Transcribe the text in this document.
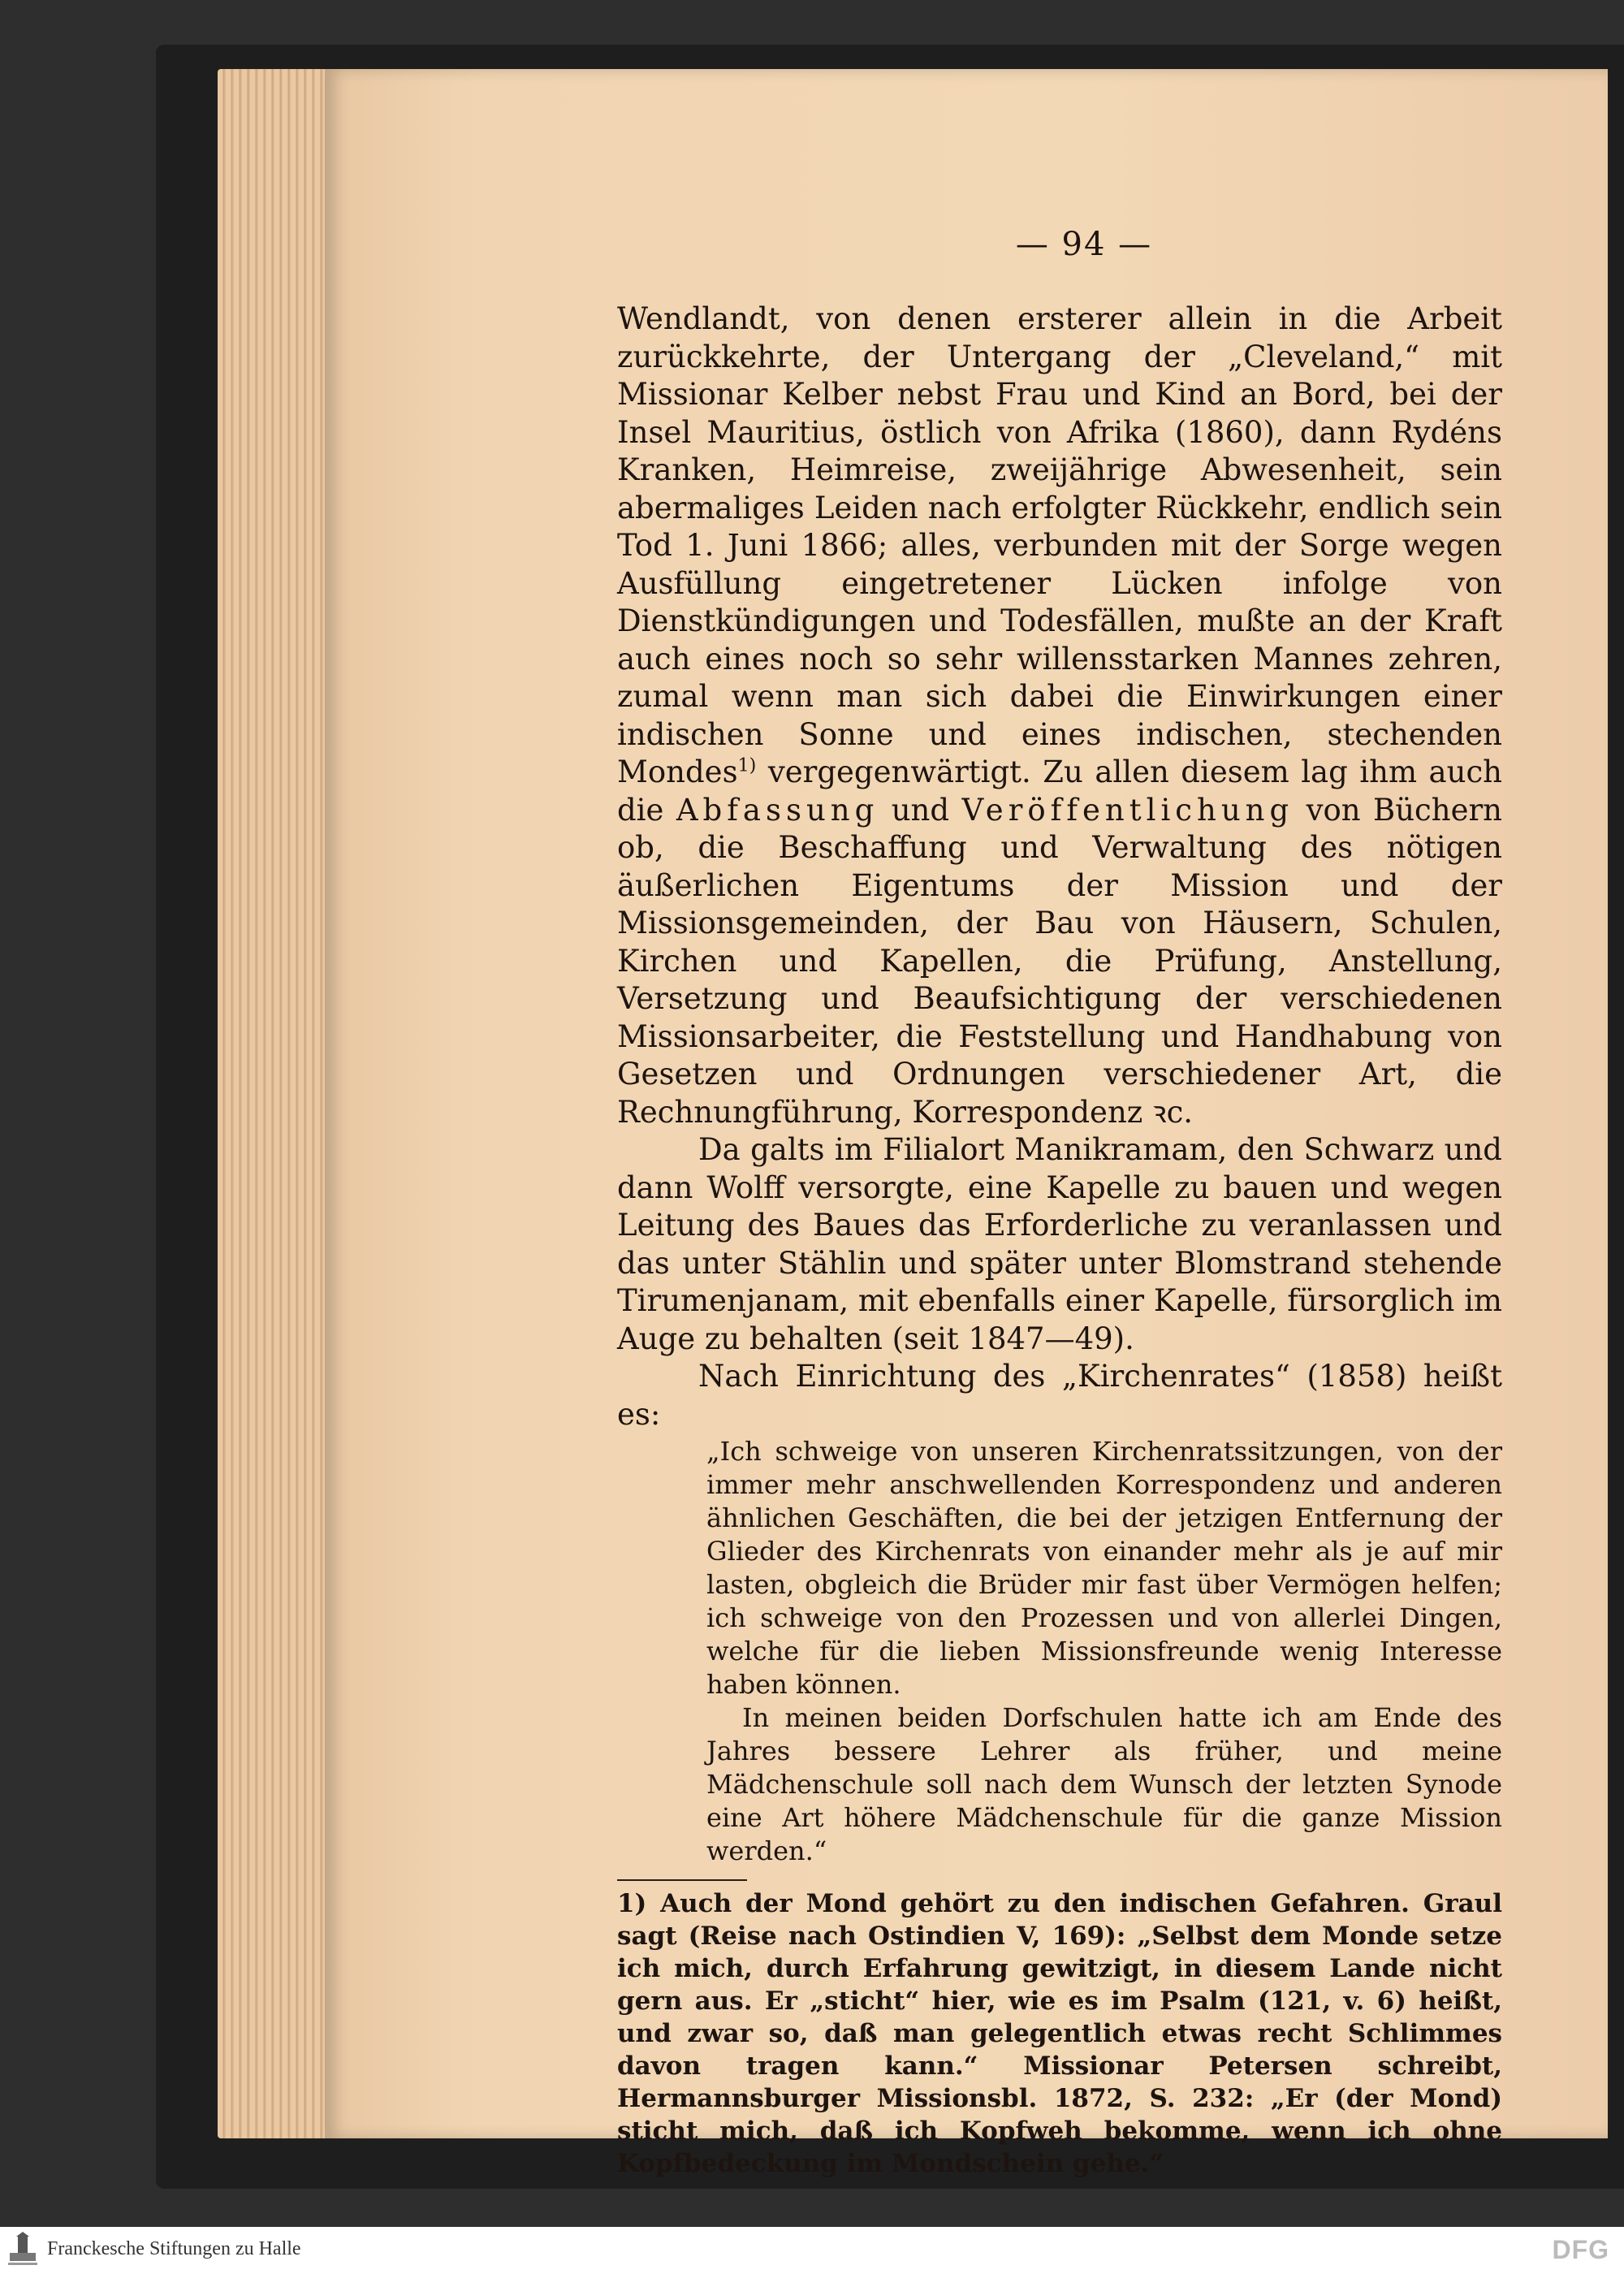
— 94 —

Wendlandt, von denen ersterer allein in die Arbeit zurückkehrte, der Untergang der „Cleveland,“ mit Missionar Kelber nebst Frau und Kind an Bord, bei der Insel Mauritius, östlich von Afrika (1860), dann Rydéns Kranken, Heimreise, zweijährige Abwesenheit, sein abermaliges Leiden nach erfolgter Rückkehr, endlich sein Tod 1. Juni 1866; alles, verbunden mit der Sorge wegen Ausfüllung eingetretener Lücken infolge von Dienstkündigungen und Todesfällen, mußte an der Kraft auch eines noch so sehr willensstarken Mannes zehren, zumal wenn man sich dabei die Einwirkungen einer indischen Sonne und eines indischen, stechenden Mondes$^{1)}$ vergegenwärtigt. Zu allen diesem lag ihm auch die Abfassung und Veröffentlichung von Büchern ob, die Beschaffung und Verwaltung des nötigen äußerlichen Eigentums der Mission und der Missionsgemeinden, der Bau von Häusern, Schulen, Kirchen und Kapellen, die Prüfung, Anstellung, Versetzung und Beaufsichtigung der verschiedenen Missionsarbeiter, die Feststellung und Handhabung von Gesetzen und Ordnungen verschiedener Art, die Rechnungführung, Korrespondenz ꝛc.

Da galts im Filialort Manikramam, den Schwarz und dann Wolff versorgte, eine Kapelle zu bauen und wegen Leitung des Baues das Erforderliche zu veranlassen und das unter Stählin und später unter Blomstrand stehende Tirumenjanam, mit ebenfalls einer Kapelle, fürsorglich im Auge zu behalten (seit 1847—49).

Nach Einrichtung des „Kirchenrates“ (1858) heißt es:

„Ich schweige von unseren Kirchenratssitzungen, von der immer mehr anschwellenden Korrespondenz und anderen ähnlichen Geschäften, die bei der jetzigen Entfernung der Glieder des Kirchenrats von einander mehr als je auf mir lasten, obgleich die Brüder mir fast über Vermögen helfen; ich schweige von den Prozessen und von allerlei Dingen, welche für die lieben Missionsfreunde wenig Interesse haben können.

In meinen beiden Dorfschulen hatte ich am Ende des Jahres bessere Lehrer als früher, und meine Mädchenschule soll nach dem Wunsch der letzten Synode eine Art höhere Mädchenschule für die ganze Mission werden.“

1) Auch der Mond gehört zu den indischen Gefahren. Graul sagt (Reise nach Ostindien V, 169): „Selbst dem Monde setze ich mich, durch Erfahrung gewitzigt, in diesem Lande nicht gern aus. Er „sticht“ hier, wie es im Psalm (121, v. 6) heißt, und zwar so, daß man gelegentlich etwas recht Schlimmes davon tragen kann.“ Missionar Petersen schreibt, Hermannsburger Missionsbl. 1872, S. 232: „Er (der Mond) sticht mich, daß ich Kopfweh bekomme, wenn ich ohne Kopfbedeckung im Mondschein gehe.“

Franckesche Stiftungen zu Halle	DFG
